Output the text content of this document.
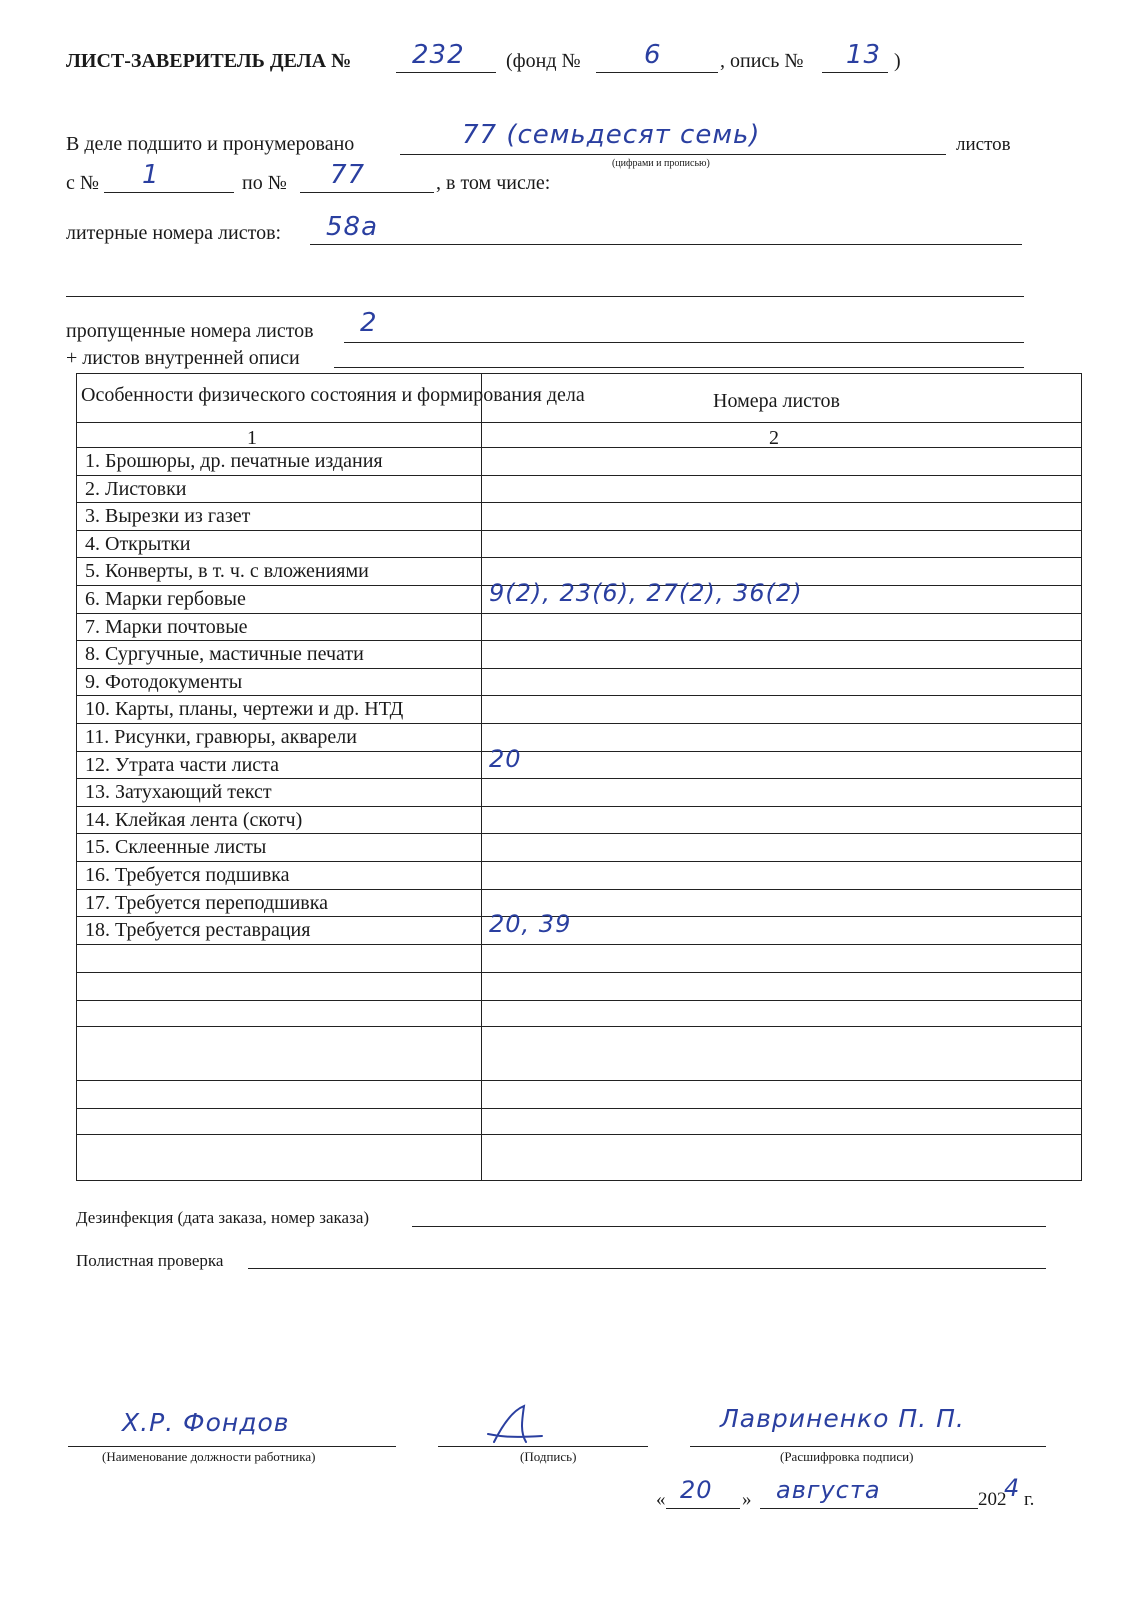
ЛИСТ-ЗАВЕРИТЕЛЬ ДЕЛА № 232 (фонд № 6	, опись № 13 )
В деле подшито и пронумеровано	77 (семьдесят семь)	листов
(цифрами и прописью)
с № 1	по № 77	, в том числе:
литерные номера листов: 58а
пропущенные номера листов 2
+ листов внутренней описи
Особенности физического состояния и формирования дела	Номера листов
1	2
1. Брошюры, др. печатные издания
2. Листовки
3. Вырезки из газет
4. Открытки
5. Конверты, в т. ч. с вложениями
6. Марки гербовые	9(2), 23(6), 27(2), 36(2)
7. Марки почтовые
8. Сургучные, мастичные печати
9. Фотодокументы
10. Карты, планы, чертежи и др. НТД
11. Рисунки, гравюры, акварели
12. Утрата части листа	20
13. Затухающий текст
14. Клейкая лента (скотч)
15. Склеенные листы
16. Требуется подшивка
17. Требуется переподшивка
18. Требуется реставрация	20, 39
Дезинфекция (дата заказа, номер заказа)
Полистная проверка
Х.Р. Фондов
(Наименование должности работника)	(Подпись)
Лавриненко П. П.
(Расшифровка подписи)
« 20 » августа	202
4 г.
